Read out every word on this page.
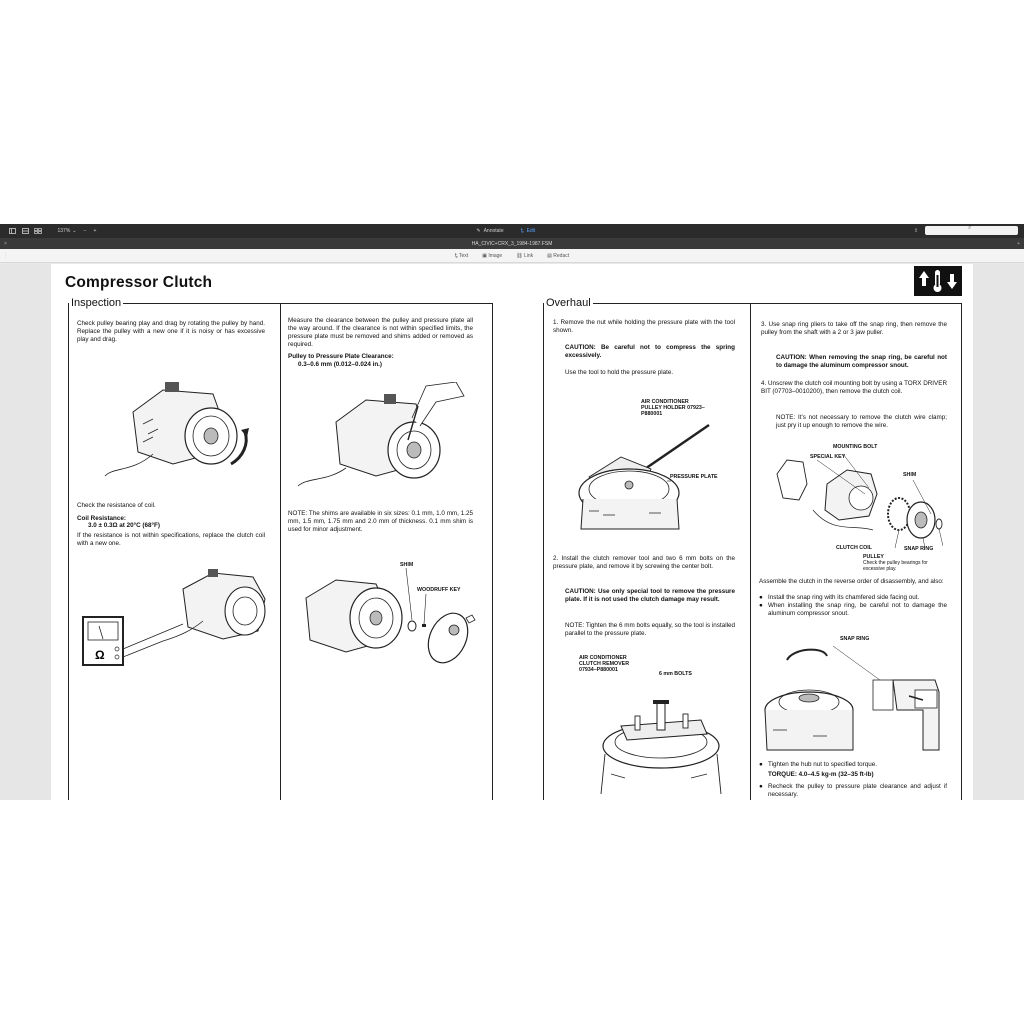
137% ⌄	−	+	✎ Annotate	Ꮏ Edit	⇪	⌕
×	HA_CIVIC+CRX_3_1984-1987.FSM	+
⋮	Ꮏ Text	▣ Image	⛓ Link	▤ Redact
Compressor Clutch
Inspection	Overhaul
Check pulley bearing play and drag by rotating the pulley by hand. Replace the pulley with a new one if it is noisy or has excessive play and drag.
Check the resistance of coil.
Coil Resistance:
3.0 ± 0.3Ω at 20°C (68°F)
If the resistance is not within specifications, replace the clutch coil with a new one.
Ω
Measure the clearance between the pulley and pressure plate all the way around. If the clearance is not within specified limits, the pressure plate must be removed and shims added or removed as required.
Pulley to Pressure Plate Clearance:
0.3–0.6 mm (0.012–0.024 in.)
NOTE: The shims are available in six sizes: 0.1 mm, 1.0 mm, 1.25 mm, 1.5 mm, 1.75 mm and 2.0 mm of thickness. 0.1 mm shim is used for minor adjustment.
SHIM
WOODRUFF KEY
1. Remove the nut while holding the pressure plate with the tool shown.
CAUTION: Be careful not to compress the spring excessively.
Use the tool to hold the pressure plate.
AIR CONDITIONER PULLEY HOLDER 07923–P880001
PRESSURE PLATE
2. Install the clutch remover tool and two 6 mm bolts on the pressure plate, and remove it by screwing the center bolt.
CAUTION: Use only special tool to remove the pressure plate. If it is not used the clutch damage may result.
NOTE: Tighten the 6 mm bolts equally, so the tool is installed parallel to the pressure plate.
AIR CONDITIONER CLUTCH REMOVER 07934–P880001
6 mm BOLTS
3. Use snap ring pliers to take off the snap ring, then remove the pulley from the shaft with a 2 or 3 jaw puller.
CAUTION: When removing the snap ring, be careful not to damage the aluminum compressor snout.
4. Unscrew the clutch coil mounting bolt by using a TORX DRIVER BIT (07703–0010200), then remove the clutch coil.
NOTE: It's not necessary to remove the clutch wire clamp; just pry it up enough to remove the wire.
MOUNTING BOLT
SPECIAL KEY
SHIM
CLUTCH COIL	SNAP RING
PULLEY
Check the pulley bearings for excessive play.
Assemble the clutch in the reverse order of disassembly, and also:
● Install the snap ring with its chamfered side facing out.
● When installing the snap ring, be careful not to damage the aluminum compressor snout.
SNAP RING
● Tighten the hub nut to specified torque.
TORQUE: 4.0–4.5 kg-m (32–35 ft-lb)
● Recheck the pulley to pressure plate clearance and adjust if necessary.
